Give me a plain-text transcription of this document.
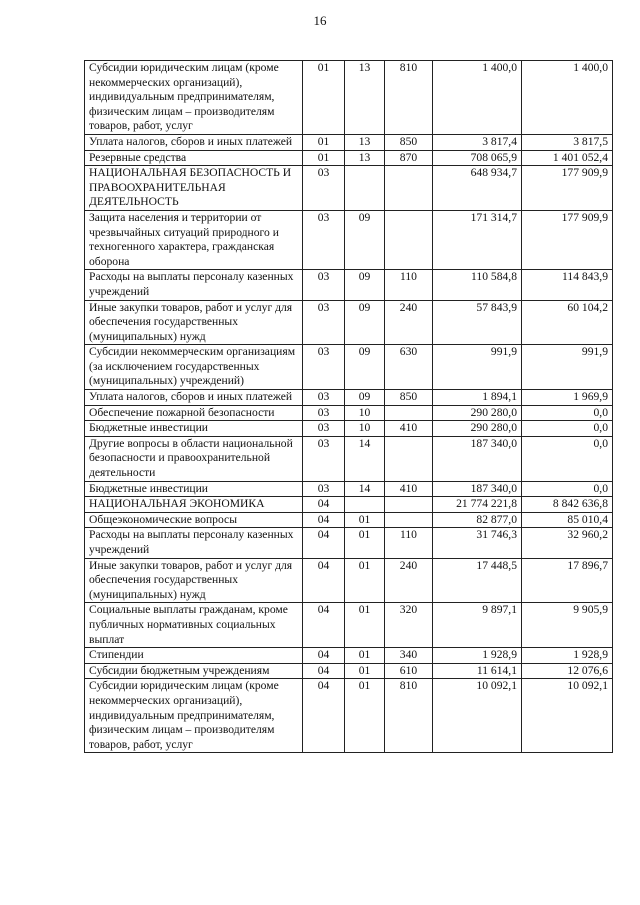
16
Субсидии юридическим лицам (кроме некоммерческих организаций), индивидуальным предпринимателям, физическим лицам – производителям товаров, работ, услуг	01	13	810	1 400,0	1 400,0
Уплата налогов, сборов и иных платежей	01	13	850	3 817,4	3 817,5
Резервные средства	01	13	870	708 065,9	1 401 052,4
НАЦИОНАЛЬНАЯ БЕЗОПАСНОСТЬ И ПРАВООХРАНИТЕЛЬНАЯ ДЕЯТЕЛЬНОСТЬ	03			648 934,7	177 909,9
Защита населения и территории от чрезвычайных ситуаций природного и техногенного характера, гражданская оборона	03	09		171 314,7	177 909,9
Расходы на выплаты персоналу казенных учреждений	03	09	110	110 584,8	114 843,9
Иные закупки товаров, работ и услуг для обеспечения государственных (муниципальных) нужд	03	09	240	57 843,9	60 104,2
Субсидии некоммерческим организациям (за исключением государственных (муниципальных) учреждений)	03	09	630	991,9	991,9
Уплата налогов, сборов и иных платежей	03	09	850	1 894,1	1 969,9
Обеспечение пожарной безопасности	03	10		290 280,0	0,0
Бюджетные инвестиции	03	10	410	290 280,0	0,0
Другие вопросы в области национальной безопасности и правоохранительной деятельности	03	14		187 340,0	0,0
Бюджетные инвестиции	03	14	410	187 340,0	0,0
НАЦИОНАЛЬНАЯ ЭКОНОМИКА	04			21 774 221,8	8 842 636,8
Общеэкономические вопросы	04	01		82 877,0	85 010,4
Расходы на выплаты персоналу казенных учреждений	04	01	110	31 746,3	32 960,2
Иные закупки товаров, работ и услуг для обеспечения государственных (муниципальных) нужд	04	01	240	17 448,5	17 896,7
Социальные выплаты гражданам, кроме публичных нормативных социальных выплат	04	01	320	9 897,1	9 905,9
Стипендии	04	01	340	1 928,9	1 928,9
Субсидии бюджетным учреждениям	04	01	610	11 614,1	12 076,6
Субсидии юридическим лицам (кроме некоммерческих организаций), индивидуальным предпринимателям, физическим лицам – производителям товаров, работ, услуг	04	01	810	10 092,1	10 092,1
